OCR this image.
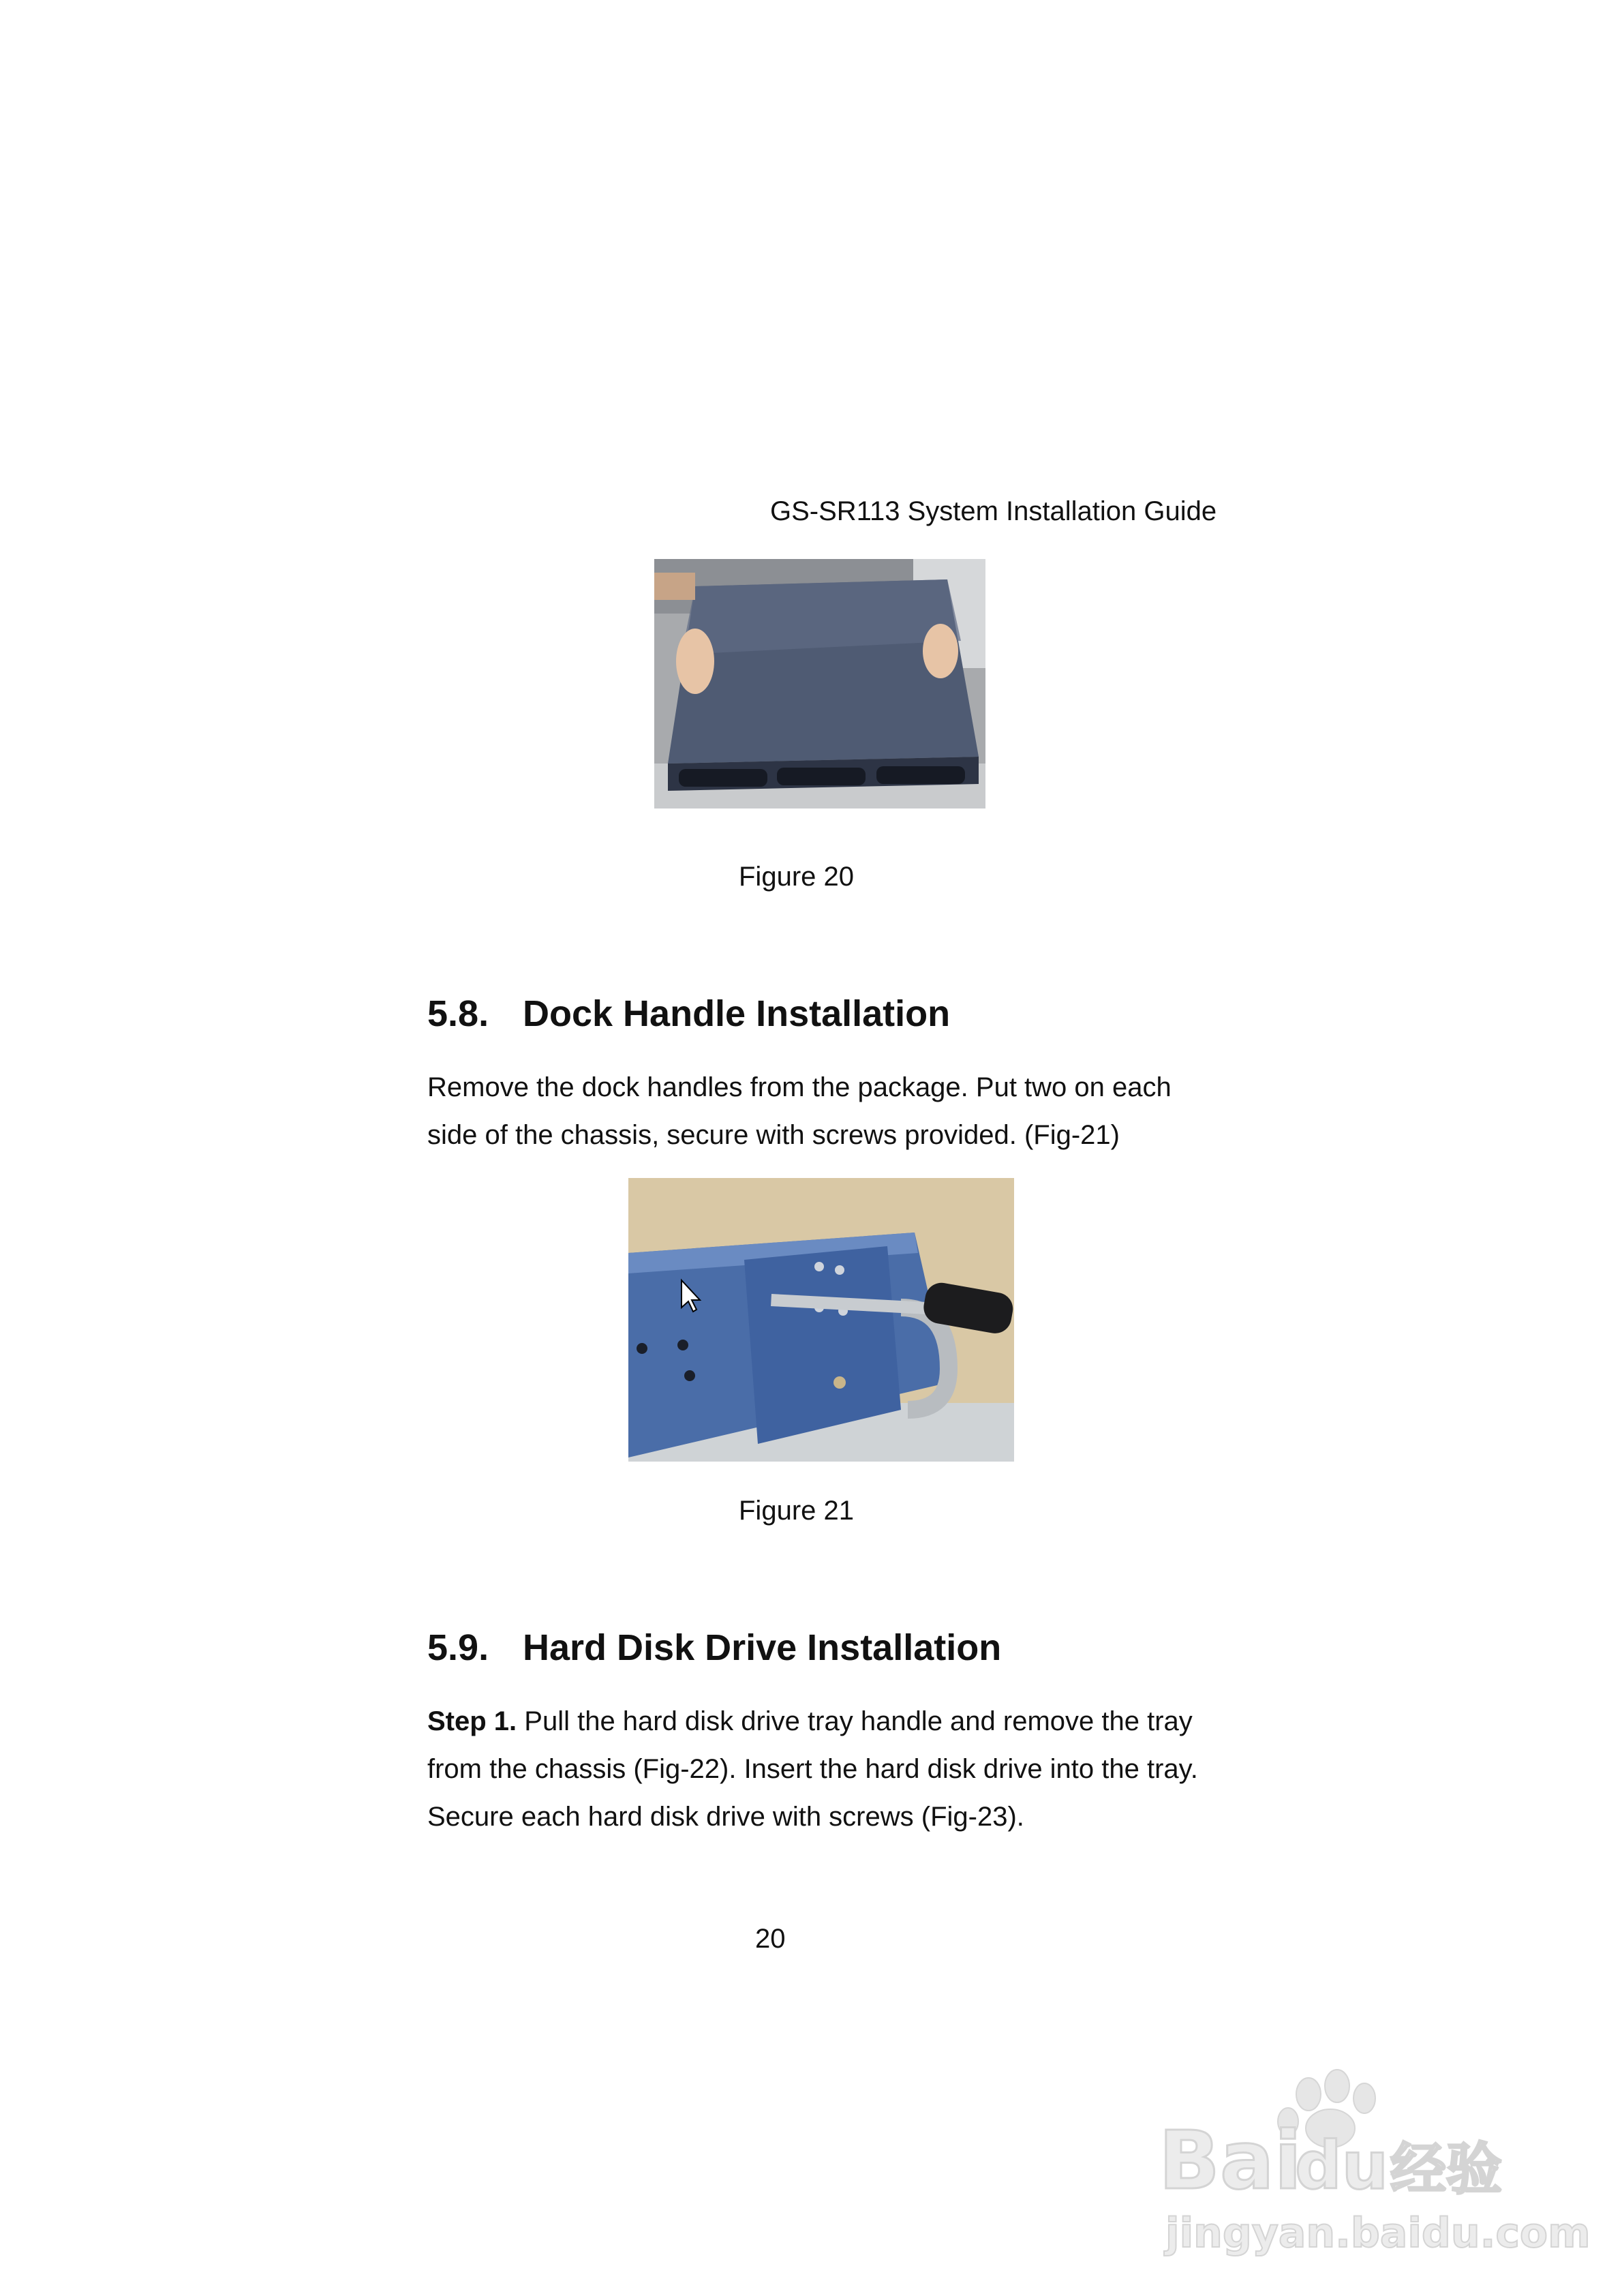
GS-SR113 System Installation Guide
Figure 20
5.8. Dock Handle Installation
Remove the dock handles from the package. Put two on each side of the chassis, secure with screws provided. (Fig-21)
Figure 21
5.9. Hard Disk Drive Installation
Step 1. Pull the hard disk drive tray handle and remove the tray from the chassis (Fig-22). Insert the hard disk drive into the tray. Secure each hard disk drive with screws (Fig-23).
20
Bai
du 经验
jingyan.baidu.com
